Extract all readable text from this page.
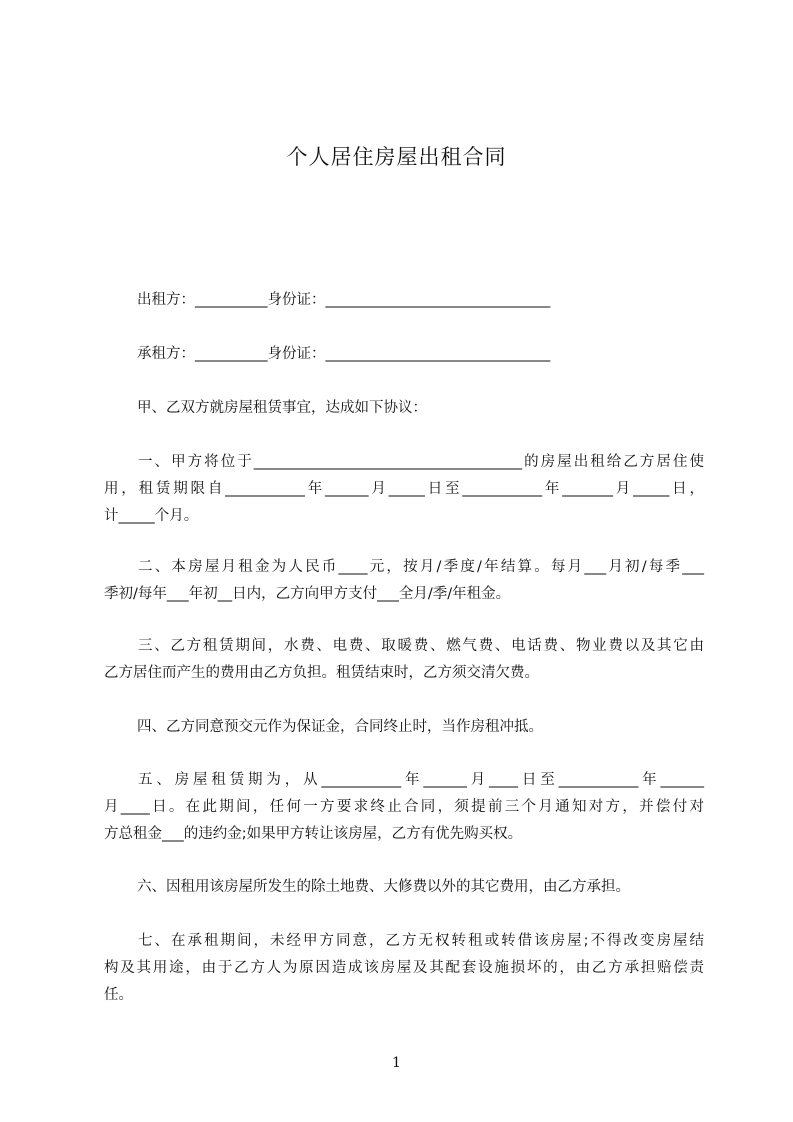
个人居住房屋出租合同
出租方：__________身份证：_______________________________
承租方：__________身份证：_______________________________
甲、乙双方就房屋租赁事宜，达成如下协议：
一、甲方将位于_____________________________________的房屋出租给乙方居住使
用，租赁期限自___________年______月_____日至___________年_______月_____日，
计_____个月。
二、本房屋月租金为人民币____元，按月/季度/年结算。每月___月初/每季___
季初/每年___年初__日内，乙方向甲方支付___全月/季/年租金。
三、乙方租赁期间，水费、电费、取暖费、燃气费、电话费、物业费以及其它由
乙方居住而产生的费用由乙方负担。租赁结束时，乙方须交清欠费。
四、乙方同意预交元作为保证金，合同终止时，当作房租冲抵。
五、房屋租赁期为，从___________年______月____日至___________年______
月____日。在此期间，任何一方要求终止合同，须提前三个月通知对方，并偿付对
方总租金___的违约金;如果甲方转让该房屋，乙方有优先购买权。
六、因租用该房屋所发生的除土地费、大修费以外的其它费用，由乙方承担。
七、在承租期间，未经甲方同意，乙方无权转租或转借该房屋;不得改变房屋结
构及其用途，由于乙方人为原因造成该房屋及其配套设施损坏的，由乙方承担赔偿责
任。
1
